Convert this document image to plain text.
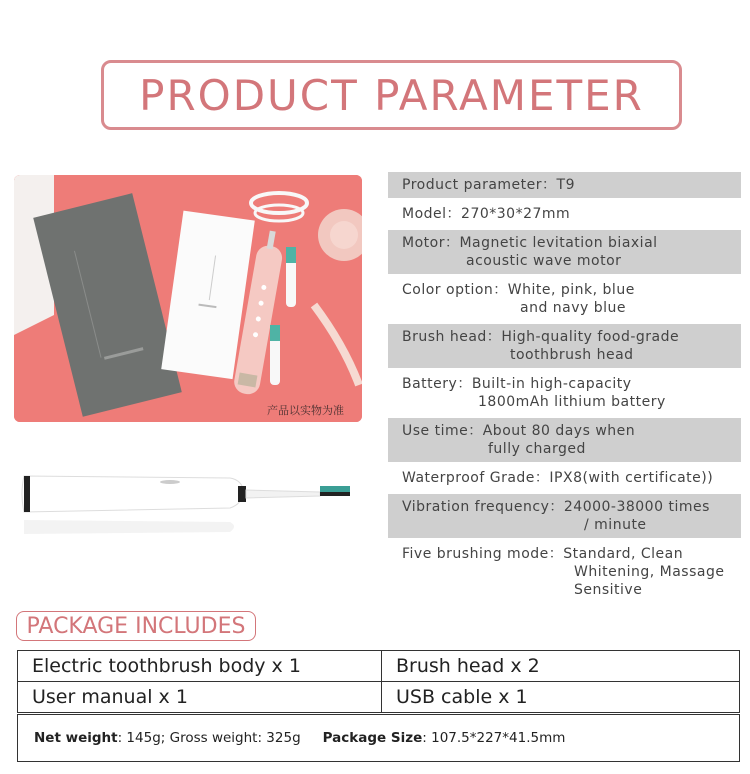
PRODUCT PARAMETER
产品以实物为准
Product parameter：T9
Model：270*30*27mm
Motor：Magnetic levitation biaxial
acoustic wave motor
Color option：White, pink, blue
and navy blue
Brush head：High-quality food-grade
toothbrush head
Battery：Built-in high-capacity
1800mAh lithium battery
Use time：About 80 days when
fully charged
Waterproof Grade：IPX8(with certificate))
Vibration frequency：24000-38000 times
/ minute
Five brushing mode：Standard, Clean
Whitening, Massage
Sensitive
PACKAGE INCLUDES
Electric toothbrush body x 1	Brush head x 2
User manual x 1	USB cable x 1
Net weight : 145g; Gross weight: 325g Package Size : 107.5*227*41.5mm
